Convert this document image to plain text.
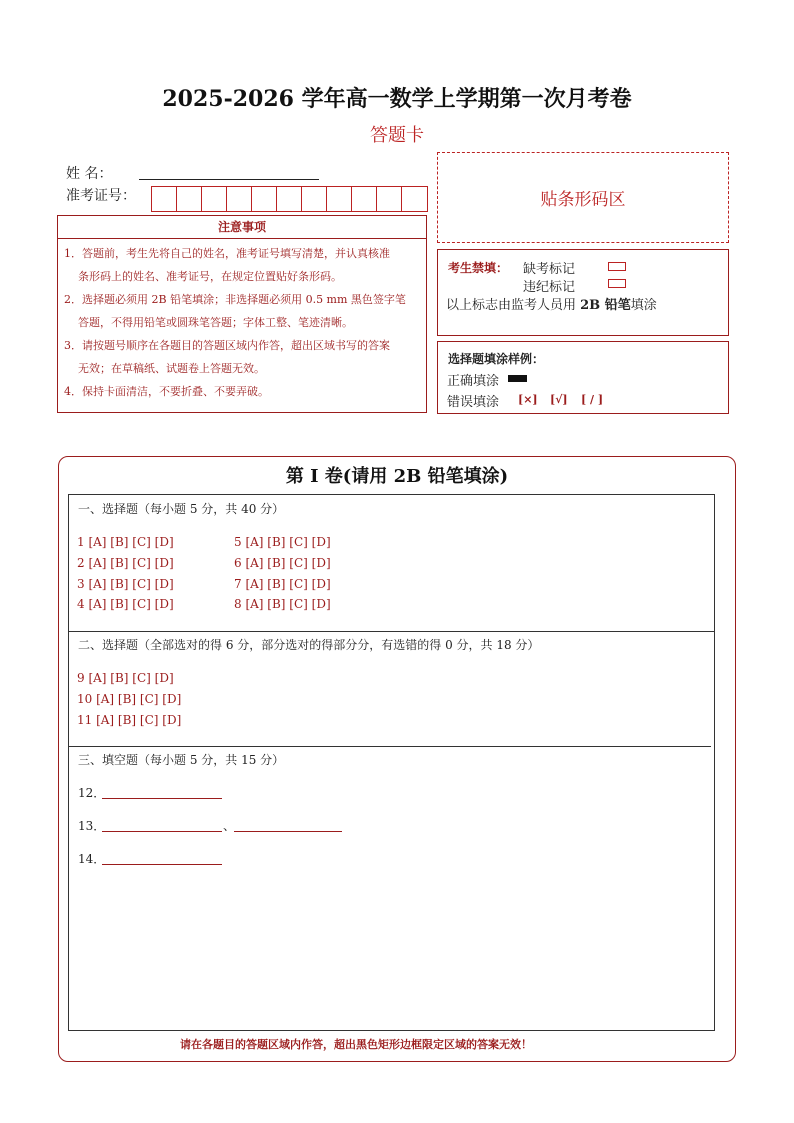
2025-2026 学年高一数学上学期第一次月考卷
答题卡
姓 名：
准考证号：	贴条形码区
注意事项
1．答题前，考生先将自己的姓名，准考证号填写清楚，并认真核准
条形码上的姓名、准考证号，在规定位置贴好条形码。
2．选择题必须用 2B 铅笔填涂；非选择题必须用 0.5 mm 黑色签字笔
答题，不得用铅笔或圆珠笔答题；字体工整、笔迹清晰。
3．请按题号顺序在各题目的答题区域内作答，超出区域书写的答案
无效；在草稿纸、试题卷上答题无效。
4．保持卡面清洁，不要折叠、不要弄破。
考生禁填： 缺考标记
违纪标记
以上标志由监考人员用 2B 铅笔填涂
选择题填涂样例：
正确填涂
错误填涂 [×] [√] [ / ]
第 Ⅰ 卷(请用 2B 铅笔填涂)
一、选择题（每小题 5 分，共 40 分）
1 [A] [B] [C] [D]
2 [A] [B] [C] [D]
3 [A] [B] [C] [D]
4 [A] [B] [C] [D]
5 [A] [B] [C] [D]
6 [A] [B] [C] [D]
7 [A] [B] [C] [D]
8 [A] [B] [C] [D]
二、选择题（全部选对的得 6 分，部分选对的得部分分，有选错的得 0 分，共 18 分）
9 [A] [B] [C] [D]
10 [A] [B] [C] [D]
11 [A] [B] [C] [D]
三、填空题（每小题 5 分，共 15 分）
12．
13．	、
14．
请在各题目的答题区域内作答，超出黑色矩形边框限定区域的答案无效！
